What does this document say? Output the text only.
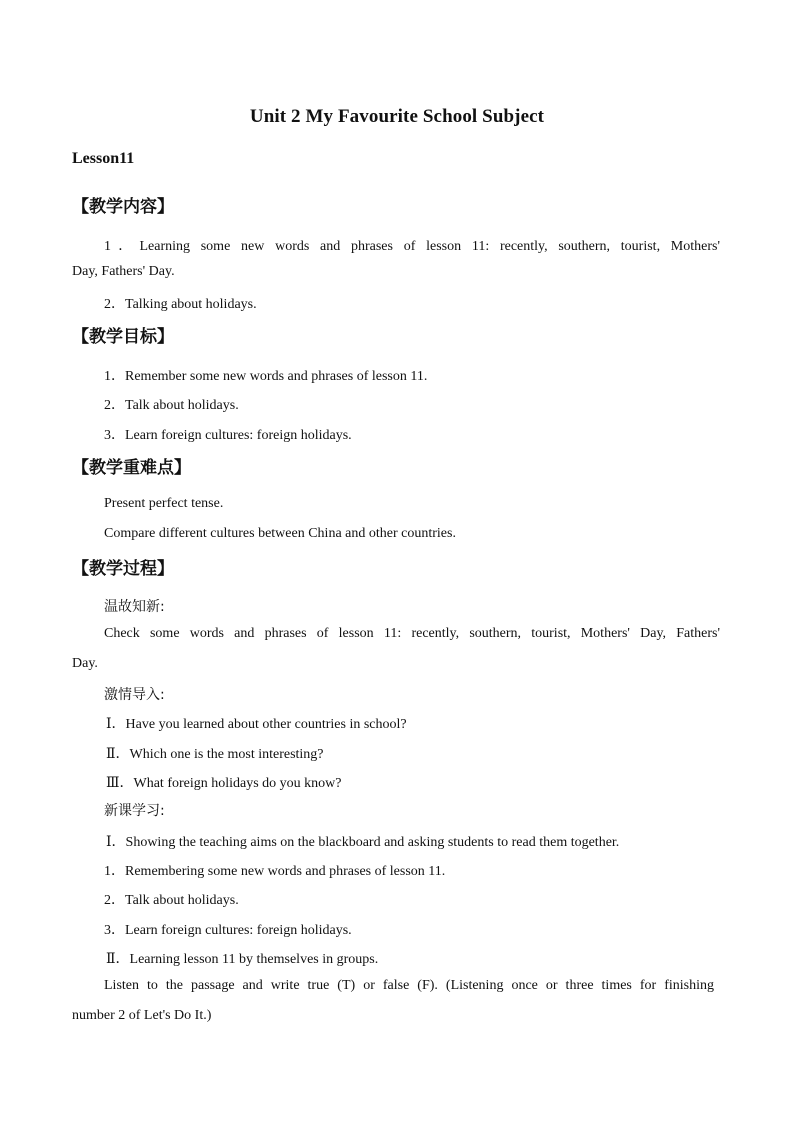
Unit 2 My Favourite School Subject
Lesson11
【教学内容】
1．Learning some new words and phrases of lesson 11: recently, southern, tourist, Mothers'
Day, Fathers' Day.
2．Talking about holidays.
【教学目标】
1．Remember some new words and phrases of lesson 11.
2．Talk about holidays.
3．Learn foreign cultures: foreign holidays.
【教学重难点】
Present perfect tense.
Compare different cultures between China and other countries.
【教学过程】
温故知新:
Check some words and phrases of lesson 11: recently, southern, tourist, Mothers' Day, Fathers'
Day.
激情导入:
Ⅰ．Have you learned about other countries in school?
Ⅱ．Which one is the most interesting?
Ⅲ．What foreign holidays do you know?
新课学习:
Ⅰ．Showing the teaching aims on the blackboard and asking students to read them together.
1．Remembering some new words and phrases of lesson 11.
2．Talk about holidays.
3．Learn foreign cultures: foreign holidays.
Ⅱ．Learning lesson 11 by themselves in groups.
Listen to the passage and write true (T) or false (F). (Listening once or three times for finishing
number 2 of Let's Do It.)
